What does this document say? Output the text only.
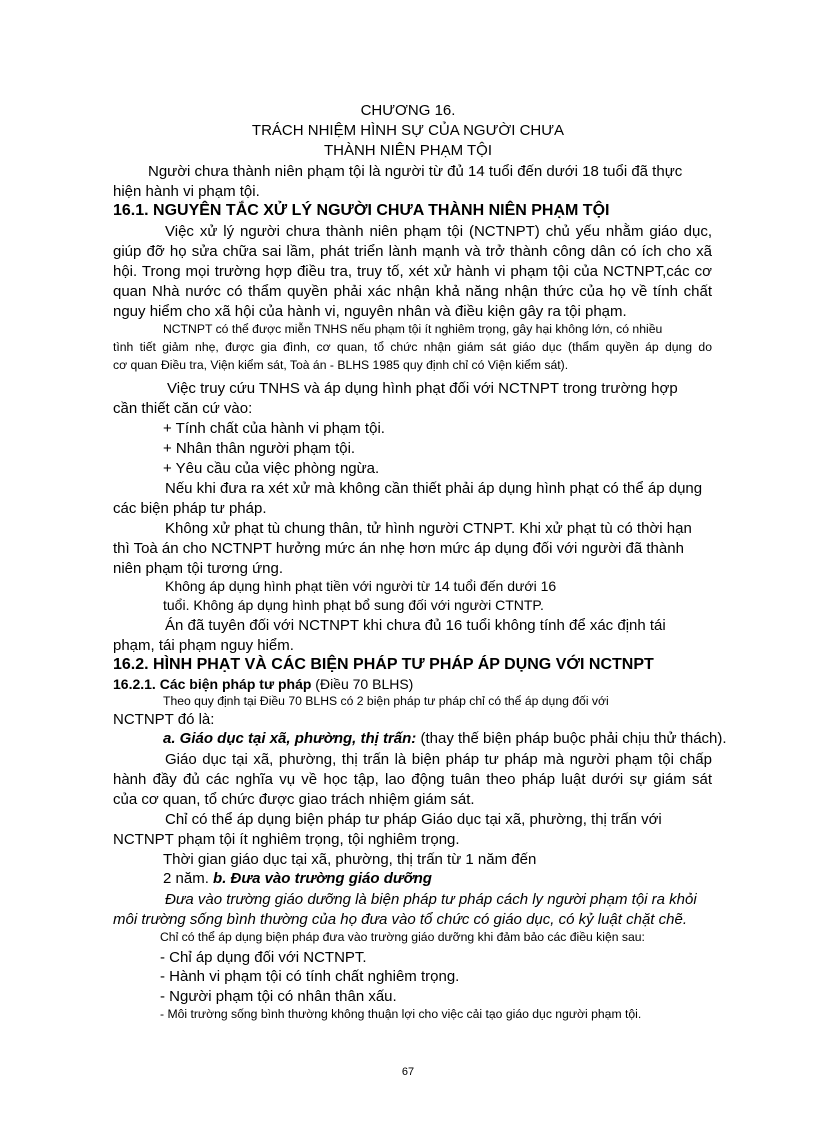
CHƯƠNG 16.
TRÁCH NHIỆM HÌNH SỰ CỦA NGƯỜI CHƯA
THÀNH NIÊN PHẠM TỘI
Người chưa thành niên phạm tội là người từ đủ 14 tuổi đến dưới 18 tuổi đã thực
hiện hành vi phạm tội.
16.1. NGUYÊN TẮC XỬ LÝ NGƯỜI CHƯA THÀNH NIÊN PHẠM TỘI
Việc xử lý người chưa thành niên phạm tội (NCTNPT) chủ yếu nhằm giáo dục,
giúp đỡ họ sửa chữa sai lầm, phát triển lành mạnh và trở thành công dân có ích cho xã
hội. Trong mọi trường hợp điều tra, truy tố, xét xử hành vi phạm tội của NCTNPT,các cơ
quan Nhà nước có thẩm quyền phải xác nhận khả năng nhận thức của họ về tính chất
nguy hiểm cho xã hội của hành vi, nguyên nhân và điều kiện gây ra tội phạm.
NCTNPT có thể được miễn TNHS nếu phạm tội ít nghiêm trọng, gây hại không lớn, có nhiều
tình tiết giảm nhẹ, được gia đình, cơ quan, tổ chức nhận giám sát giáo dục (thẩm quyền áp dụng do
cơ quan Điều tra, Viện kiểm sát, Toà án - BLHS 1985 quy định chỉ có Viện kiểm sát).
Việc truy cứu TNHS và áp dụng hình phạt đối với NCTNPT trong trường hợp
cần thiết căn cứ vào:
+ Tính chất của hành vi phạm tội.
+ Nhân thân người phạm tội.
+ Yêu cầu của việc phòng ngừa.
Nếu khi đưa ra xét xử mà không cần thiết phải áp dụng hình phạt có thể áp dụng
các biện pháp tư pháp.
Không xử phạt tù chung thân, tử hình người CTNPT. Khi xử phạt tù có thời hạn
thì Toà án cho NCTNPT hưởng mức án nhẹ hơn mức áp dụng đối với người đã thành
niên phạm tội tương ứng.
Không áp dụng hình phạt tiền với người từ 14 tuổi đến dưới 16
tuổi. Không áp dụng hình phạt bổ sung đối với người CTNTP.
Án đã tuyên đối với NCTNPT khi chưa đủ 16 tuổi không tính để xác định tái
phạm, tái phạm nguy hiểm.
16.2. HÌNH PHẠT VÀ CÁC BIỆN PHÁP TƯ PHÁP ÁP DỤNG VỚI NCTNPT
16.2.1. Các biện pháp tư pháp (Điều 70 BLHS)
Theo quy định tại Điều 70 BLHS có 2 biện pháp tư pháp chỉ có thể áp dụng đối với
NCTNPT đó là:
a. Giáo dục tại xã, phường, thị trấn: (thay thế biện pháp buộc phải chịu thử thách).
Giáo dục tại xã, phường, thị trấn là biện pháp tư pháp mà người phạm tội chấp
hành đầy đủ các nghĩa vụ về học tập, lao động tuân theo pháp luật dưới sự giám sát
của cơ quan, tổ chức được giao trách nhiệm giám sát.
Chỉ có thể áp dụng biện pháp tư pháp Giáo dục tại xã, phường, thị trấn với
NCTNPT phạm tội ít nghiêm trọng, tội nghiêm trọng.
Thời gian giáo dục tại xã, phường, thị trấn từ 1 năm đến
2 năm. b. Đưa vào trường giáo dưỡng
Đưa vào trường giáo dưỡng là biện pháp tư pháp cách ly người phạm tội ra khỏi
môi trường sống bình thường của họ đưa vào tổ chức có giáo dục, có kỷ luật chặt chẽ.
Chỉ có thể áp dụng biện pháp đưa vào trường giáo dưỡng khi đảm bảo các điều kiện sau:
- Chỉ áp dụng đối với NCTNPT.
- Hành vi phạm tội có tính chất nghiêm trọng.
- Người phạm tội có nhân thân xấu.
- Môi trường sống bình thường không thuận lợi cho việc cải tạo giáo dục người phạm tội.
67
